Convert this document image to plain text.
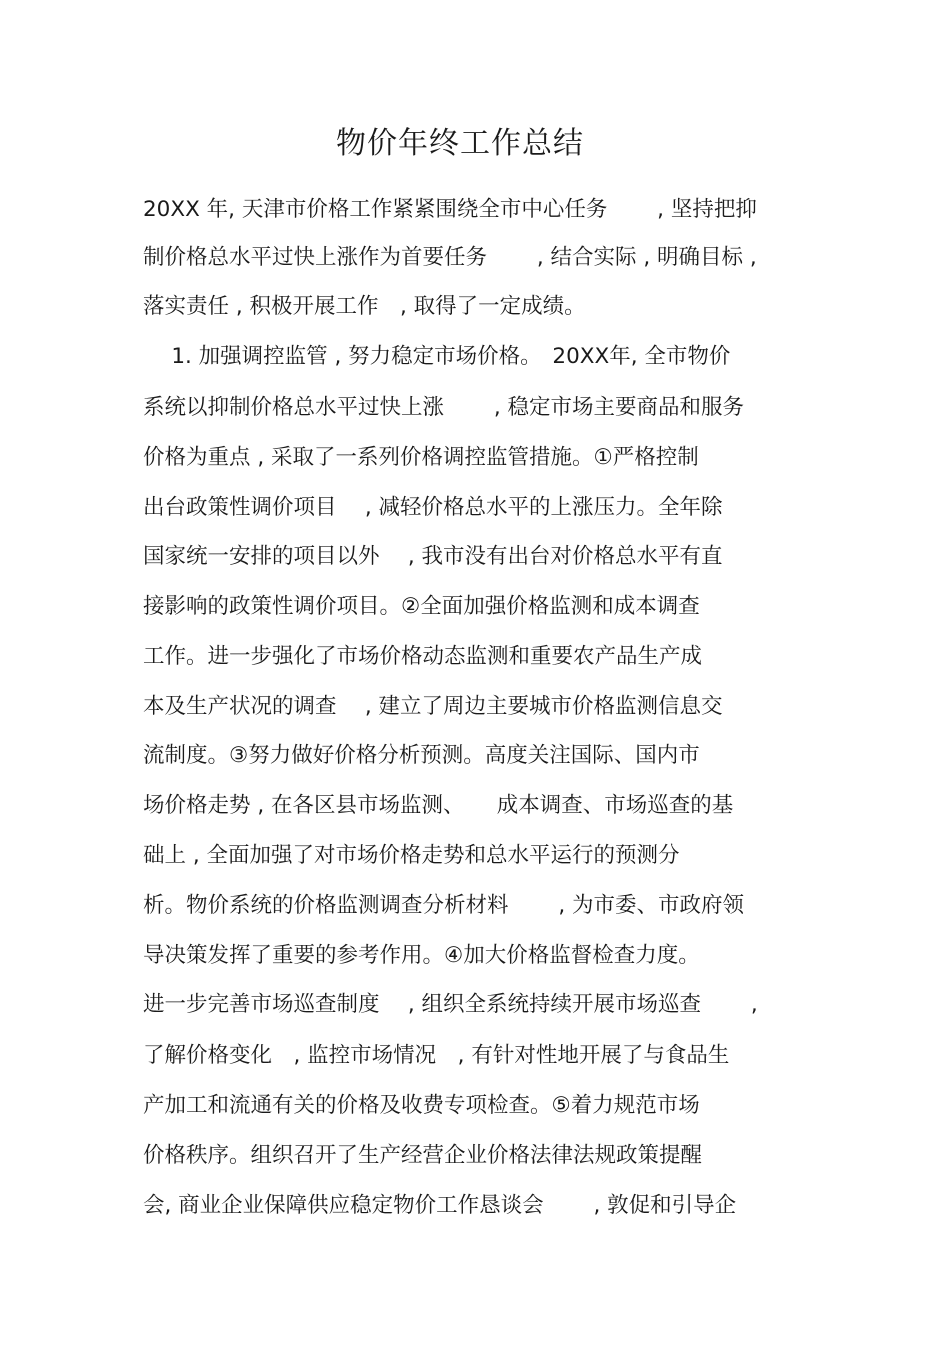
物价年终工作总结
20XX 年, 天津市价格工作紧紧围绕全市中心任务　　 , 坚持把抑
制价格总水平过快上涨作为首要任务　　 , 结合实际 , 明确目标 ,
落实责任 , 积极开展工作　, 取得了一定成绩。
　 1. 加强调控监管 , 努力稳定市场价格。　20XX年, 全市物价
系统以抑制价格总水平过快上涨　　 , 稳定市场主要商品和服务
价格为重点 , 采取了一系列价格调控监管措施。①严格控制
出台政策性调价项目　 , 减轻价格总水平的上涨压力。全年除
国家统一安排的项目以外　 , 我市没有出台对价格总水平有直
接影响的政策性调价项目。②全面加强价格监测和成本调查
工作。进一步强化了市场价格动态监测和重要农产品生产成
本及生产状况的调查　 , 建立了周边主要城市价格监测信息交
流制度。③努力做好价格分析预测。高度关注国际、国内市
场价格走势 , 在各区县市场监测、　　成本调查、市场巡查的基
础上 , 全面加强了对市场价格走势和总水平运行的预测分
析。物价系统的价格监测调查分析材料　　 , 为市委、市政府领
导决策发挥了重要的参考作用。④加大价格监督检查力度。
进一步完善市场巡查制度　 , 组织全系统持续开展市场巡查　　 ,
了解价格变化　, 监控市场情况　, 有针对性地开展了与食品生
产加工和流通有关的价格及收费专项检查。⑤着力规范市场
价格秩序。组织召开了生产经营企业价格法律法规政策提醒
会, 商业企业保障供应稳定物价工作恳谈会　　 , 敦促和引导企
